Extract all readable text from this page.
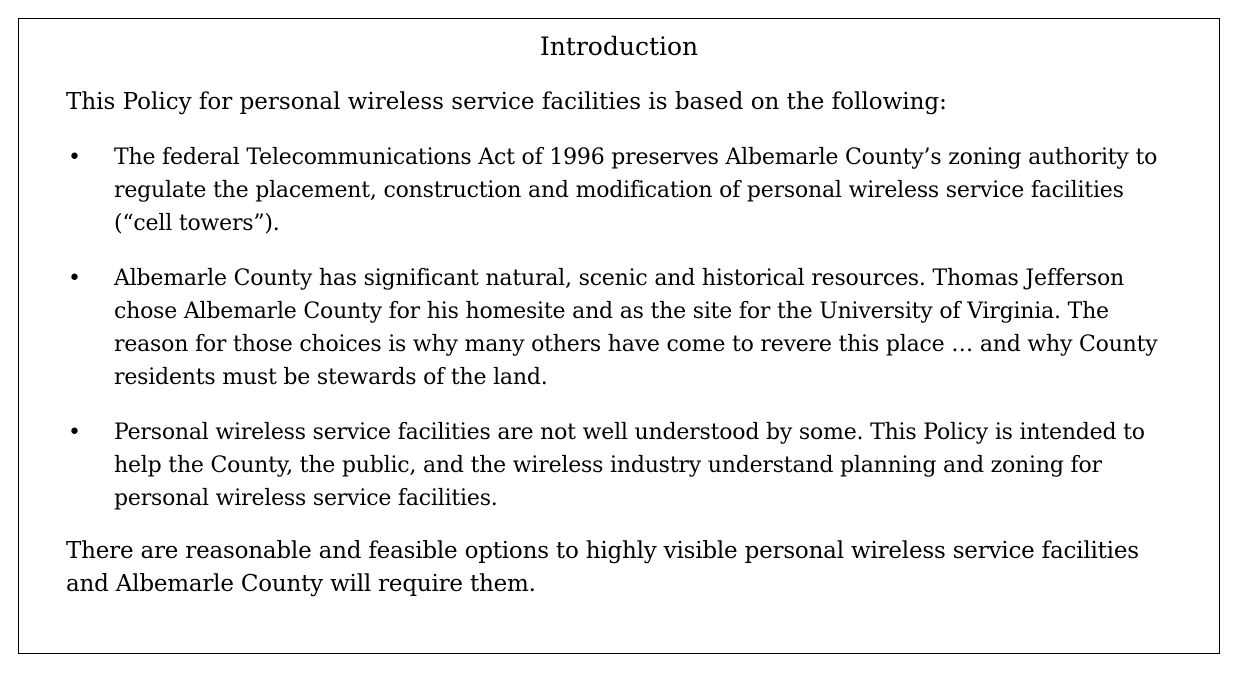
Introduction

This Policy for personal wireless service facilities is based on the following:

• The federal Telecommunications Act of 1996 preserves Albemarle County’s zoning authority to regulate the placement, construction and modification of personal wireless service facilities (“cell towers”).
• Albemarle County has significant natural, scenic and historical resources. Thomas Jefferson chose Albemarle County for his homesite and as the site for the University of Virginia. The reason for those choices is why many others have come to revere this place … and why County residents must be stewards of the land.
• Personal wireless service facilities are not well understood by some. This Policy is intended to help the County, the public, and the wireless industry understand planning and zoning for personal wireless service facilities.

There are reasonable and feasible options to highly visible personal wireless service facilities and Albemarle County will require them.
